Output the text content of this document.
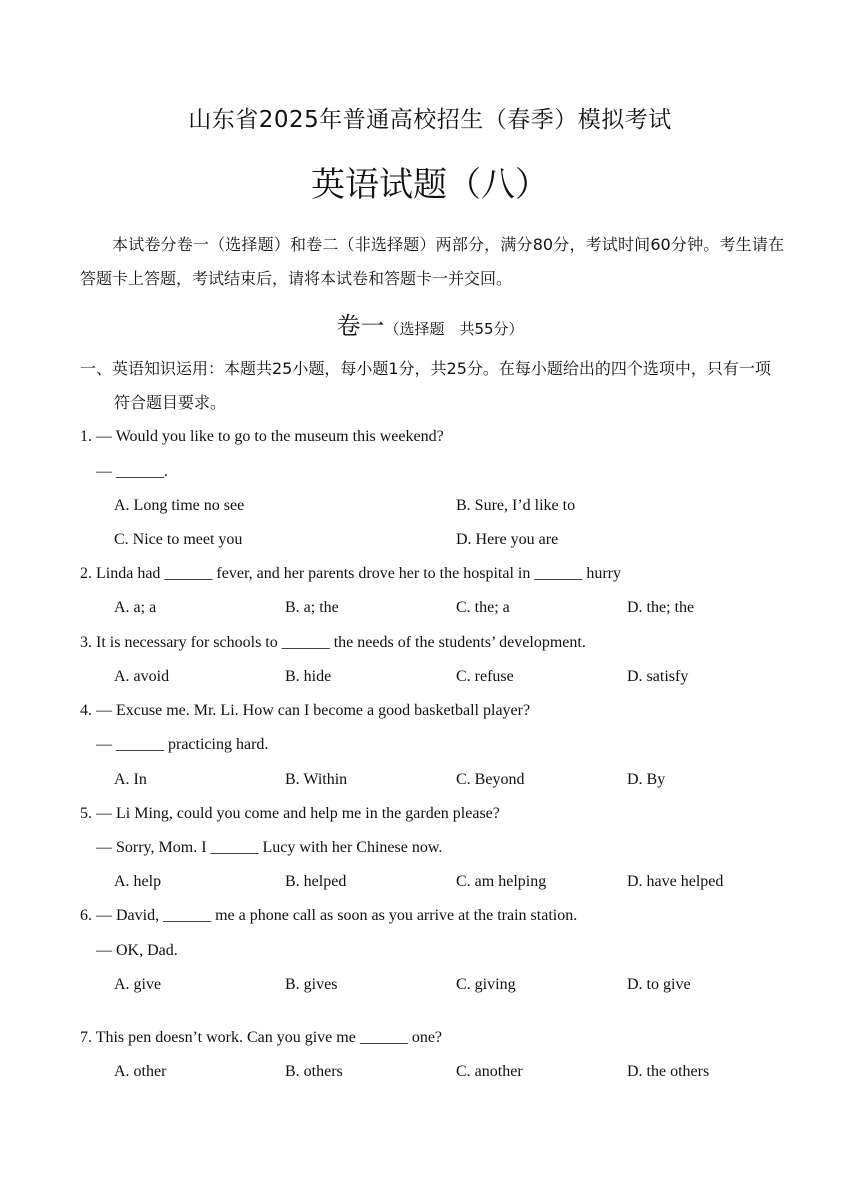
山东省2025年普通高校招生（春季）模拟考试
英语试题（八）
本试卷分卷一（选择题）和卷二（非选择题）两部分，满分80分，考试时间60分钟。考生请在答题卡上答题，考试结束后，请将本试卷和答题卡一并交回。
卷一（选择题　共55分）
一、英语知识运用：本题共25小题，每小题1分，共25分。在每小题给出的四个选项中，只有一项符合题目要求。
1. — Would you like to go to the museum this weekend?
— ______.
A. Long time no see	B. Sure, I’d like to
C. Nice to meet you	D. Here you are
2. Linda had ______ fever, and her parents drove her to the hospital in ______ hurry
A. a; a	B. a; the	C. the; a	D. the; the
3. It is necessary for schools to ______ the needs of the students’ development.
A. avoid	B. hide	C. refuse	D. satisfy
4. — Excuse me. Mr. Li. How can I become a good basketball player?
— ______ practicing hard.
A. In	B. Within	C. Beyond	D. By
5. — Li Ming, could you come and help me in the garden please?
— Sorry, Mom. I ______ Lucy with her Chinese now.
A. help	B. helped	C. am helping	D. have helped
6. — David, ______ me a phone call as soon as you arrive at the train station.
— OK, Dad.
A. give	B. gives	C. giving	D. to give
7. This pen doesn’t work. Can you give me ______ one?
A. other	B. others	C. another	D. the others
